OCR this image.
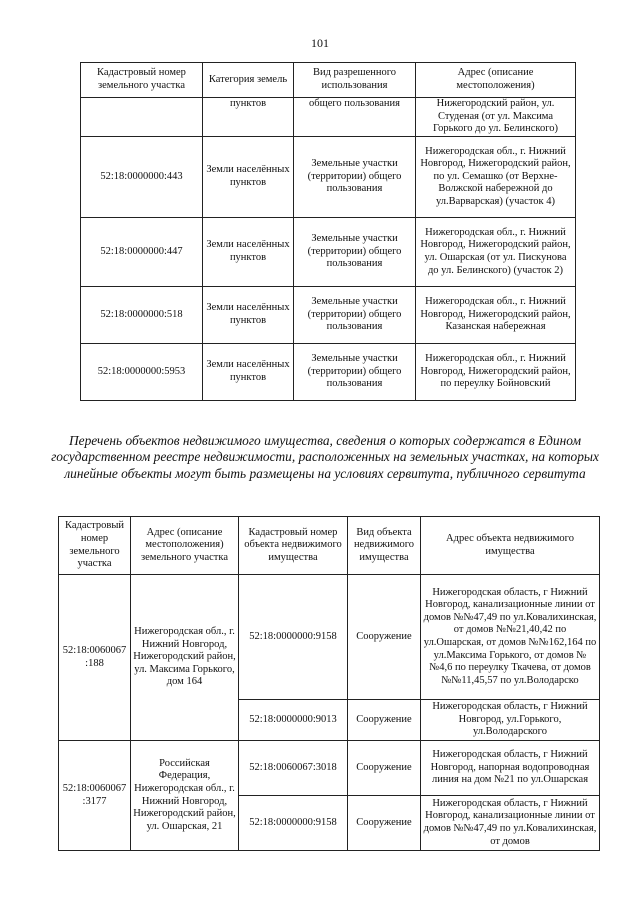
101
Кадастровый номер земельного участка	Категория земель	Вид разрешенного использования	Адрес (описание местоположения)
	пунктов	общего пользования	Нижегородский район, ул. Студеная (от ул. Максима Горького до ул. Белинского)
52:18:0000000:443	Земли населённых пунктов	Земельные участки (территории) общего пользования	Нижегородская обл., г. Нижний Новгород, Нижегородский район, по ул. Семашко (от Верхне-Волжской набережной до ул.Варварская) (участок 4)
52:18:0000000:447	Земли населённых пунктов	Земельные участки (территории) общего пользования	Нижегородская обл., г. Нижний Новгород, Нижегородский район, ул. Ошарская (от ул. Пискунова до ул. Белинского) (участок 2)
52:18:0000000:518	Земли населённых пунктов	Земельные участки (территории) общего пользования	Нижегородская обл., г. Нижний Новгород, Нижегородский район, Казанская набережная
52:18:0000000:5953	Земли населённых пунктов	Земельные участки (территории) общего пользования	Нижегородская обл., г. Нижний Новгород, Нижегородский район, по переулку Бойновский
Перечень объектов недвижимого имущества, сведения о которых содержатся в Едином государственном реестре недвижимости, расположенных на земельных участках, на которых линейные объекты могут быть размещены на условиях сервитута, публичного сервитута
Кадастровый номер земельного участка	Адрес (описание местоположения) земельного участка	Кадастровый номер объекта недвижимого имущества	Вид объекта недвижимого имущества	Адрес объекта недвижимого имущества
52:18:0060067 :188	Нижегородская обл., г. Нижний Новгород, Нижегородский район, ул. Максима Горького, дом 164	52:18:0000000:9158	Сооружение	Нижегородская область, г Нижний Новгород, канализационные линии от домов №№47,49 по ул.Ковалихинская, от домов №№21,40,42 по ул.Ошарская, от домов №№162,164 по ул.Максима Горького, от домов №№4,6 по переулку Ткачева, от домов №№11,45,57 по ул.Володарско
		52:18:0000000:9013	Сооружение	Нижегородская область, г Нижний Новгород, ул.Горького, ул.Володарского
52:18:0060067 :3177	Российская Федерация, Нижегородская обл., г. Нижний Новгород, Нижегородский район, ул. Ошарская, 21	52:18:0060067:3018	Сооружение	Нижегородская область, г Нижний Новгород, напорная водопроводная линия на дом №21 по ул.Ошарская
		52:18:0000000:9158	Сооружение	Нижегородская область, г Нижний Новгород, канализационные линии от домов №№47,49 по ул.Ковалихинская, от домов
